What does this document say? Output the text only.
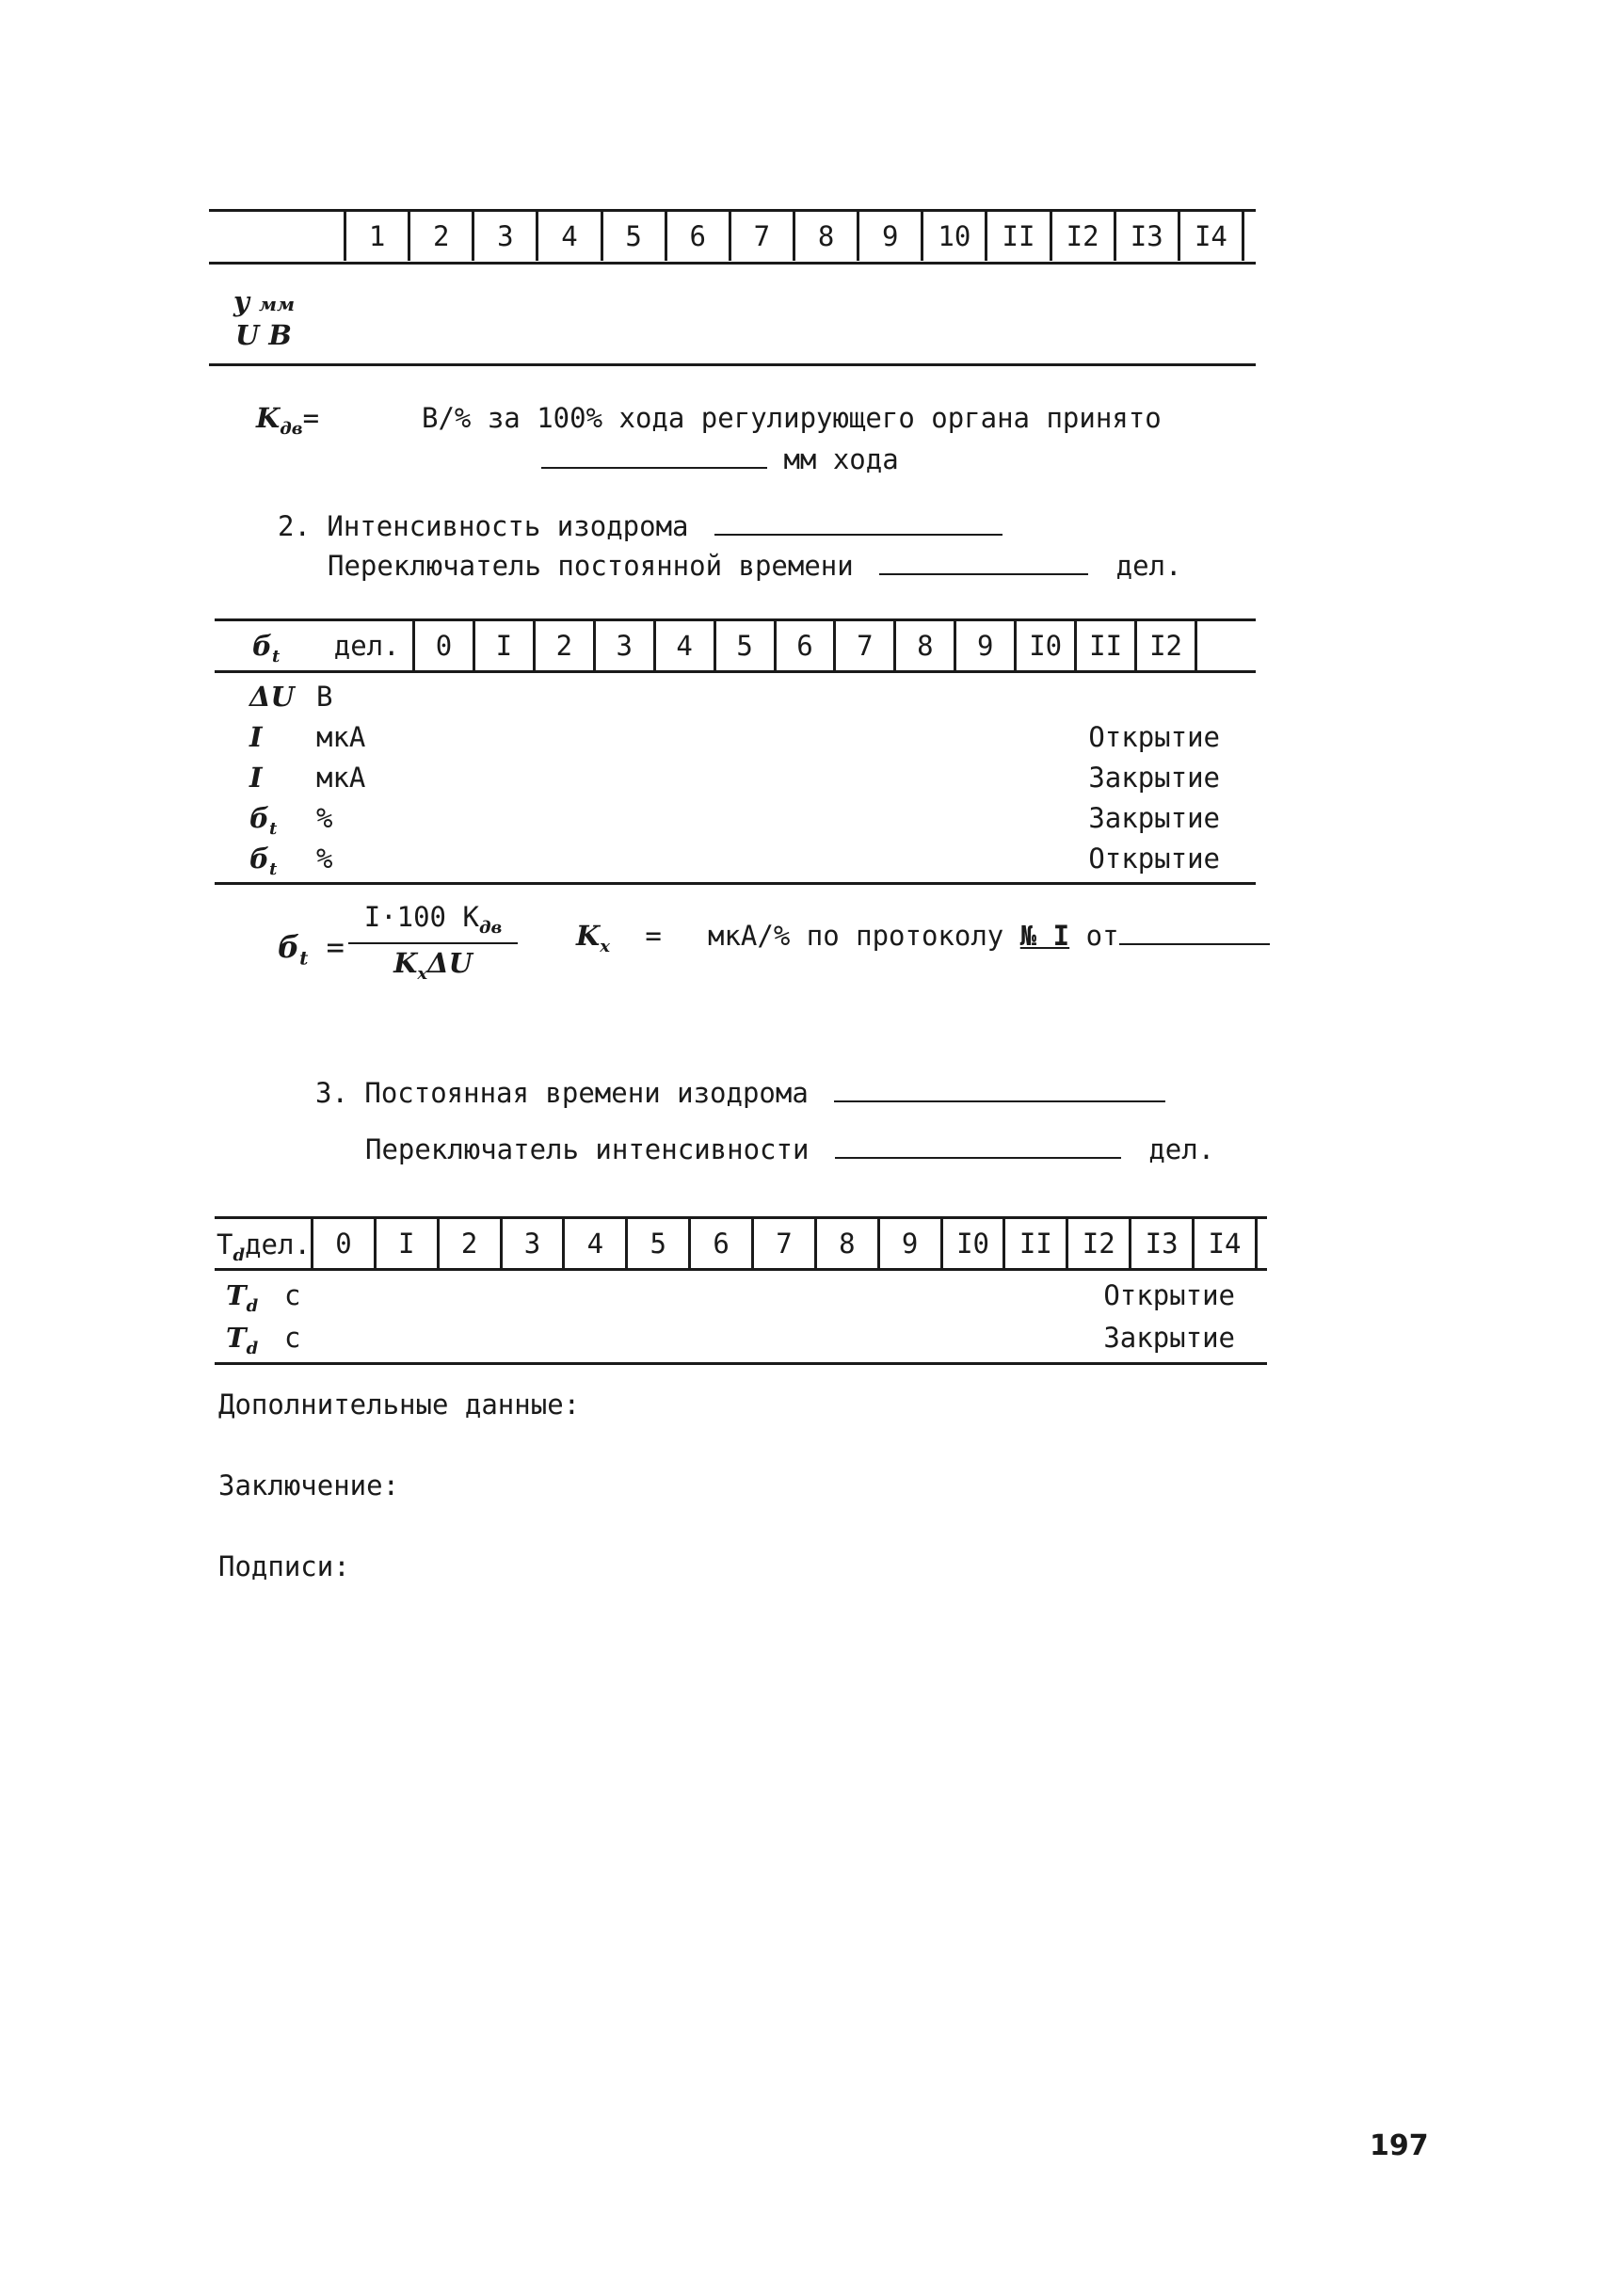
1	2	3	4	5	6	7	8	9	10	II	I2	I3	I4
y мм
U B
$K_{дв}=$	В/% за 100% хода регулирующего органа принято
мм хода
2. Интенсивность изодрома
Переключатель постоянной времени	дел.
$б_t$ дел.	0	I	2	3	4	5	6	7	8	9	I0	II	I2
ΔU B
I мкА	Открытие
I мкА	Закрытие
$б_t$ %	Закрытие
$б_t$ %	Открытие
$б_t$ =
I·100 $K_{дв}$
$K_x\Delta U$
$K_x = мкА/\%$ по протоколу № I от
3. Постоянная времени изодрома
Переключатель интенсивности	дел.
$T_dдел$. 0	I	2	3	4	5	6	7	8	9	I0	II	I2	I3	I4
$T_d$ c	Открытие
$T_d$ c	Закрытие
Дополнительные данные:
Заключение:
Подписи:
197
